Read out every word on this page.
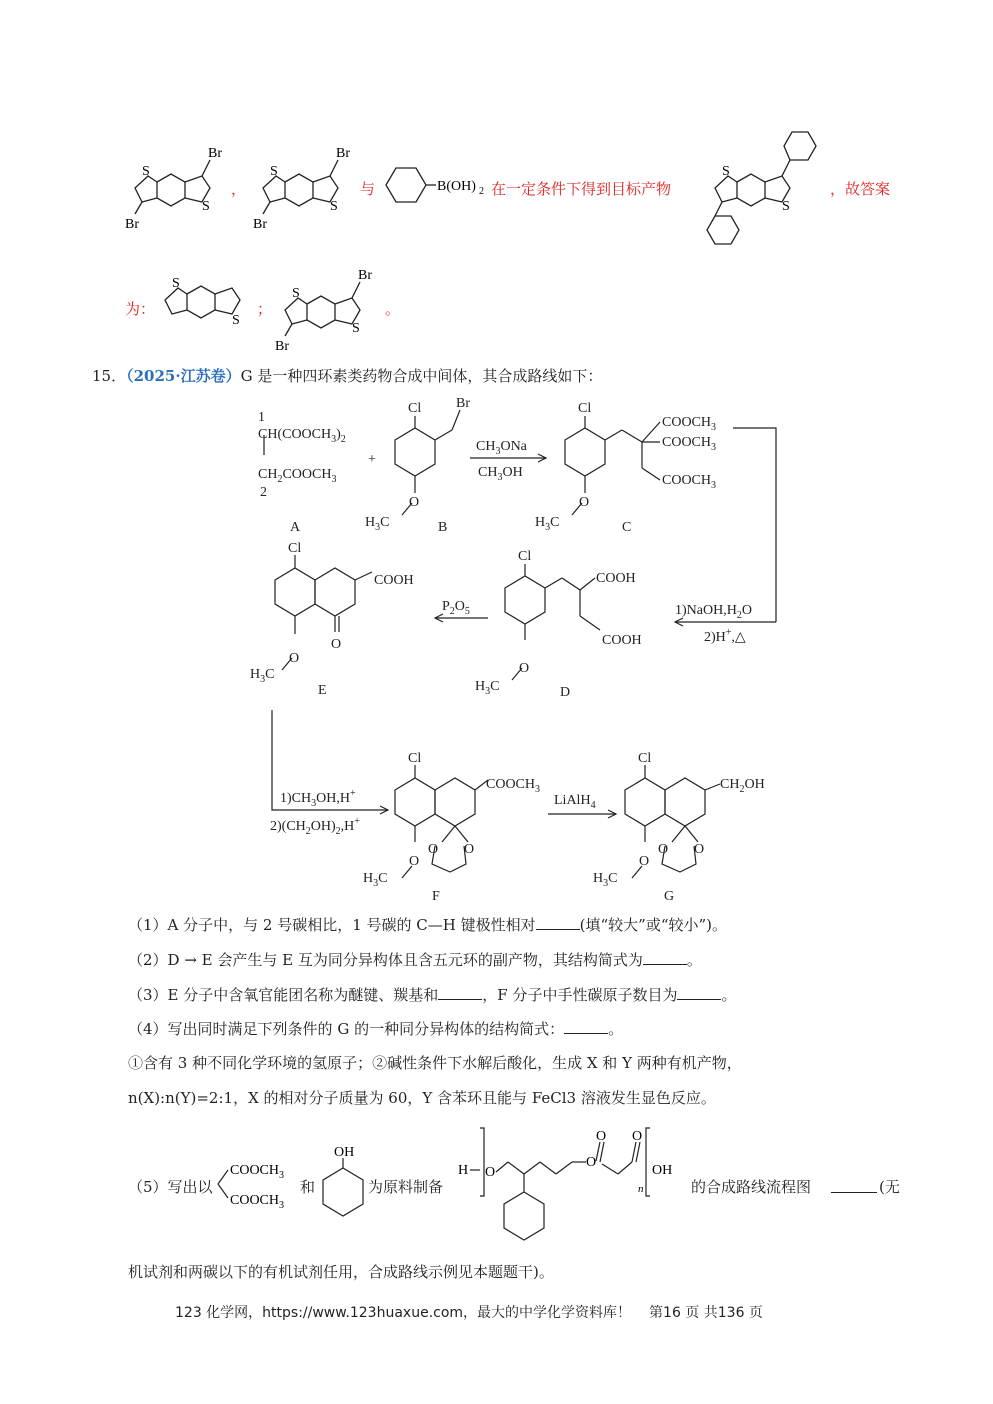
S
S
Br
Br
，
S
S
Br
Br
与	B(OH) 2 在一定条件下得到目标产物
S
S
，故答案
为：
S
S
；
S
S
Br
Br
。
15．（2025·江苏卷）G 是一种四环素类药物合成中间体，其合成路线如下：
1
$CH(COOCH_3)_2$
$CH_2COOCH_3$
2
+
A
Cl Br
O
$H_3C$	B
$CH_3ONa$
$CH_3OH$
Cl
$COOCH_3$
$COOCH_3$
$COOCH_3$
O
$H_3C$	C
$1)NaOH,H_2O$
2)H+,△
Cl
COOH
COOH
O
$H_3C$	D
$P_2O_5$
Cl
COOH
O
O
$H_3C$
E
$1)CH_3OH,H^+$
$2)(CH_2OH)_2,H^+$
Cl
$COOCH_3$
O O
O
$H_3C$
F
LiAlH$_4$
Cl
$CH_2OH$
O O
O
$H_3C$
G
（1）A 分子中，与 2 号碳相比，1 号碳的 C—H 键极性相对	(填“较大”或“较小”)。
（2）D → E 会产生与 E 互为同分异构体且含五元环的副产物，其结构简式为	。
（3）E 分子中含氧官能团名称为醚键、羰基和	，F 分子中手性碳原子数目为	。
（4）写出同时满足下列条件的 G 的一种同分异构体的结构简式：	。
①含有 3 种不同化学环境的氢原子；②碱性条件下水解后酸化，生成 X 和 Y 两种有机产物，
n(X):n(Y)=2:1，X 的相对分子质量为 60，Y 含苯环且能与 FeCl3 溶液发生显色反应。
（5）写出以
$COOCH_3$
$COOCH_3$
和
OH
为原料制备
H O
O
O O
n
OH
的合成路线流程图	(无
机试剂和两碳以下的有机试剂任用，合成路线示例见本题题干)。
123 化学网，https://www.123huaxue.com，最大的中学化学资料库！ 第16 页 共136 页
